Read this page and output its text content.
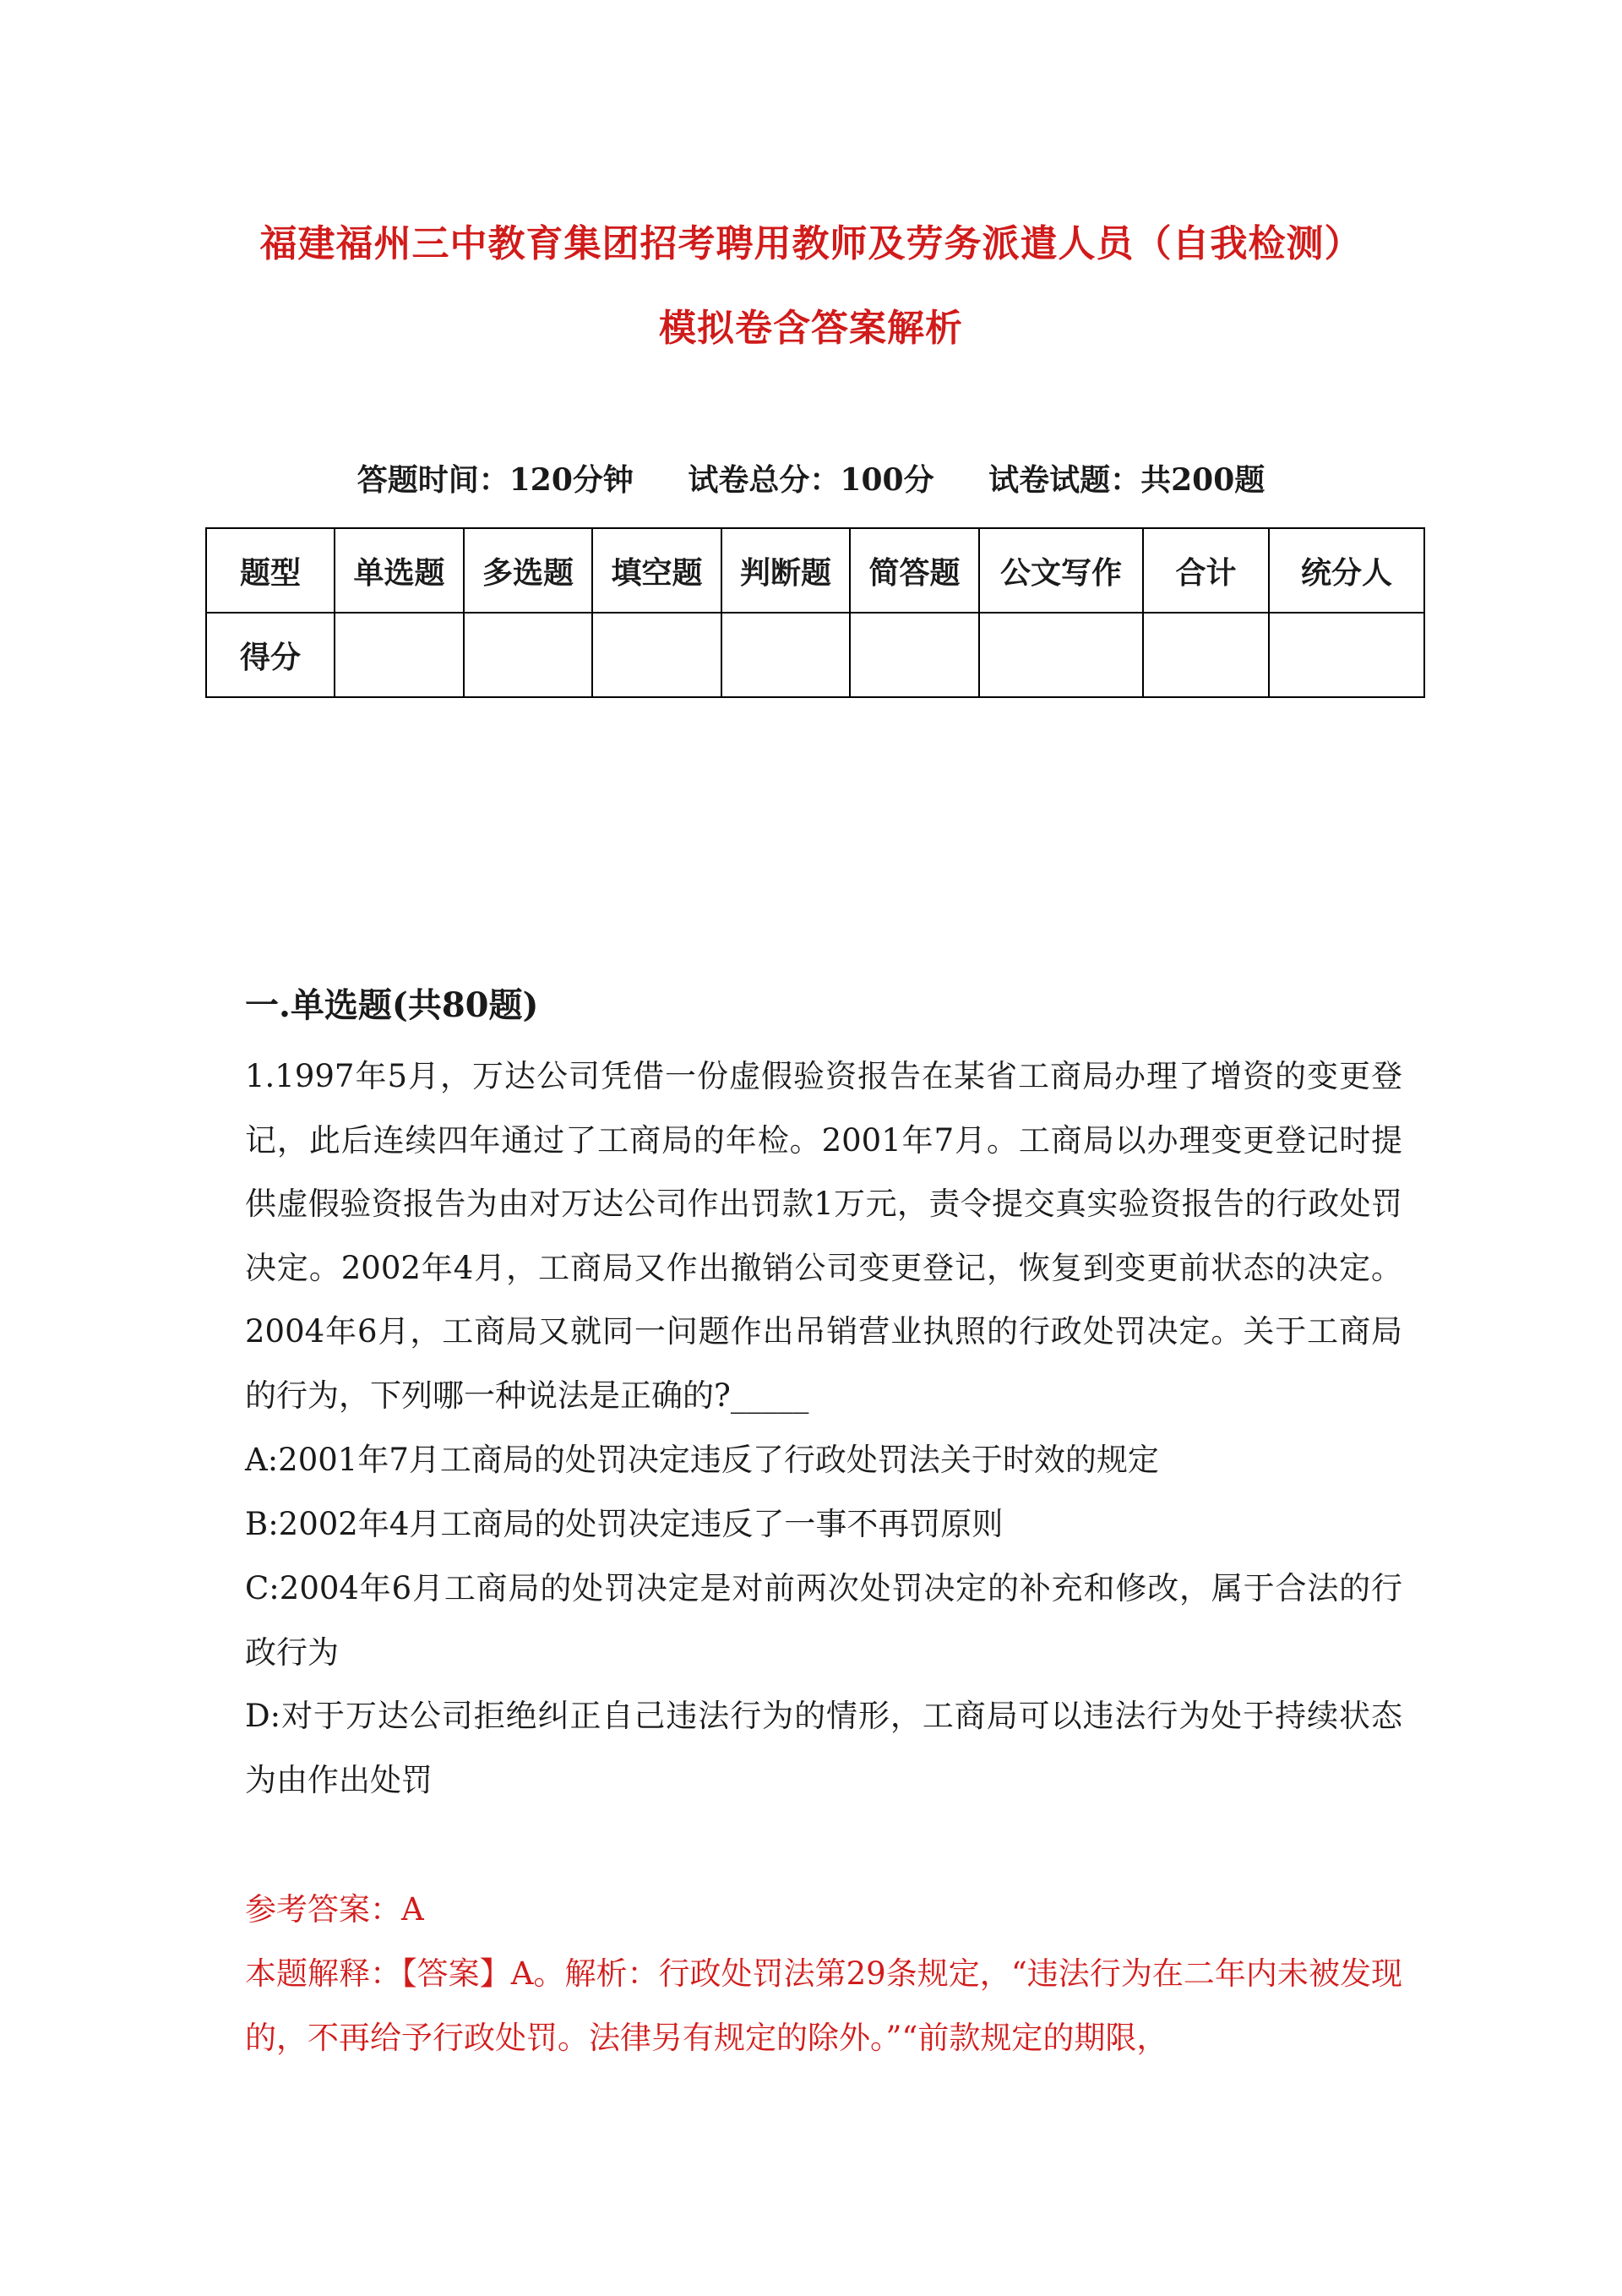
福建福州三中教育集团招考聘用教师及劳务派遣人员（自我检测）
模拟卷含答案解析
答题时间：120分钟 试卷总分：100分 试卷试题：共200题
题型	单选题	多选题	填空题	判断题	简答题	公文写作	合计	统分人
得分								
一.单选题(共80题)
1.1997年5月，万达公司凭借一份虚假验资报告在某省工商局办理了增资的变更登记，此后连续四年通过了工商局的年检。2001年7月。工商局以办理变更登记时提供虚假验资报告为由对万达公司作出罚款1万元，责令提交真实验资报告的行政处罚决定。2002年4月，工商局又作出撤销公司变更登记，恢复到变更前状态的决定。2004年6月，工商局又就同一问题作出吊销营业执照的行政处罚决定。关于工商局的行为，下列哪一种说法是正确的?_____
A:2001年7月工商局的处罚决定违反了行政处罚法关于时效的规定
B:2002年4月工商局的处罚决定违反了一事不再罚原则
C:2004年6月工商局的处罚决定是对前两次处罚决定的补充和修改，属于合法的行政行为
D:对于万达公司拒绝纠正自己违法行为的情形，工商局可以违法行为处于持续状态为由作出处罚
参考答案：A
本题解释：【答案】A。解析：行政处罚法第29条规定，“违法行为在二年内未被发现的，不再给予行政处罚。法律另有规定的除外。”“前款规定的期限，
